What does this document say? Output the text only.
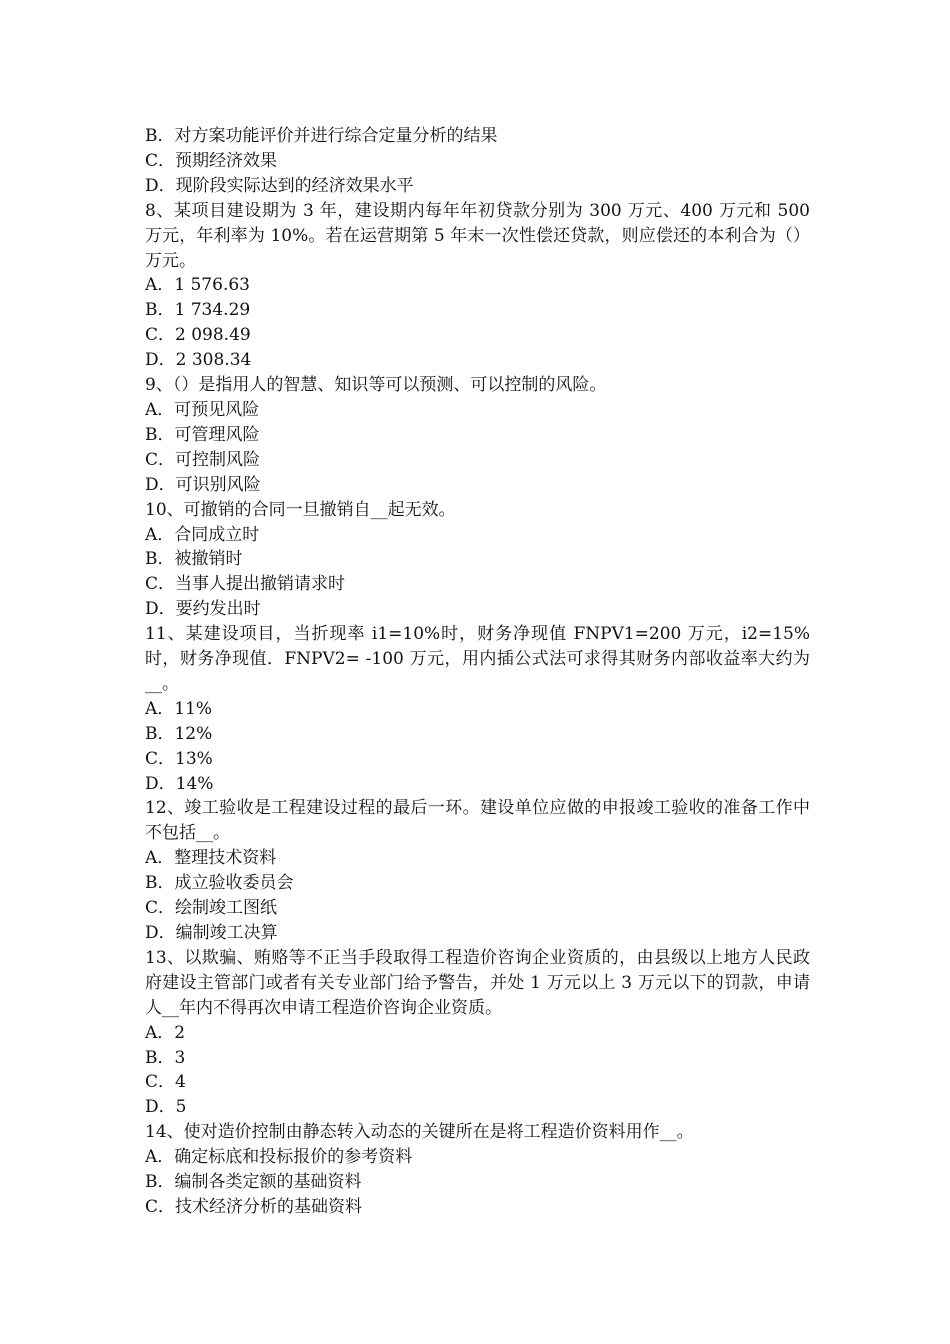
B．对方案功能评价并进行综合定量分析的结果

C．预期经济效果

D．现阶段实际达到的经济效果水平

8、某项目建设期为 3 年，建设期内每年年初贷款分别为 300 万元、400 万元和 500 万元，年利率为 10%。若在运营期第 5 年末一次性偿还贷款，则应偿还的本利合为（）万元。

A．1 576.63

B．1 734.29

C．2 098.49

D．2 308.34

9、（）是指用人的智慧、知识等可以预测、可以控制的风险。

A．可预见风险

B．可管理风险

C．可控制风险

D．可识别风险

10、可撤销的合同一旦撤销自__起无效。

A．合同成立时

B．被撤销时

C．当事人提出撤销请求时

D．要约发出时

11、某建设项目，当折现率 i1=10%时，财务净现值 FNPV1=200 万元，i2=15%时，财务净现值．FNPV2= -100 万元，用内插公式法可求得其财务内部收益率大约为__。

A．11%

B．12%

C．13%

D．14%

12、竣工验收是工程建设过程的最后一环。建设单位应做的申报竣工验收的准备工作中不包括__。

A．整理技术资料

B．成立验收委员会

C．绘制竣工图纸

D．编制竣工决算

13、以欺骗、贿赂等不正当手段取得工程造价咨询企业资质的，由县级以上地方人民政府建设主管部门或者有关专业部门给予警告，并处 1 万元以上 3 万元以下的罚款，申请人__年内不得再次申请工程造价咨询企业资质。

A．2

B．3

C．4

D．5

14、使对造价控制由静态转入动态的关键所在是将工程造价资料用作__。

A．确定标底和投标报价的参考资料

B．编制各类定额的基础资料

C．技术经济分析的基础资料
